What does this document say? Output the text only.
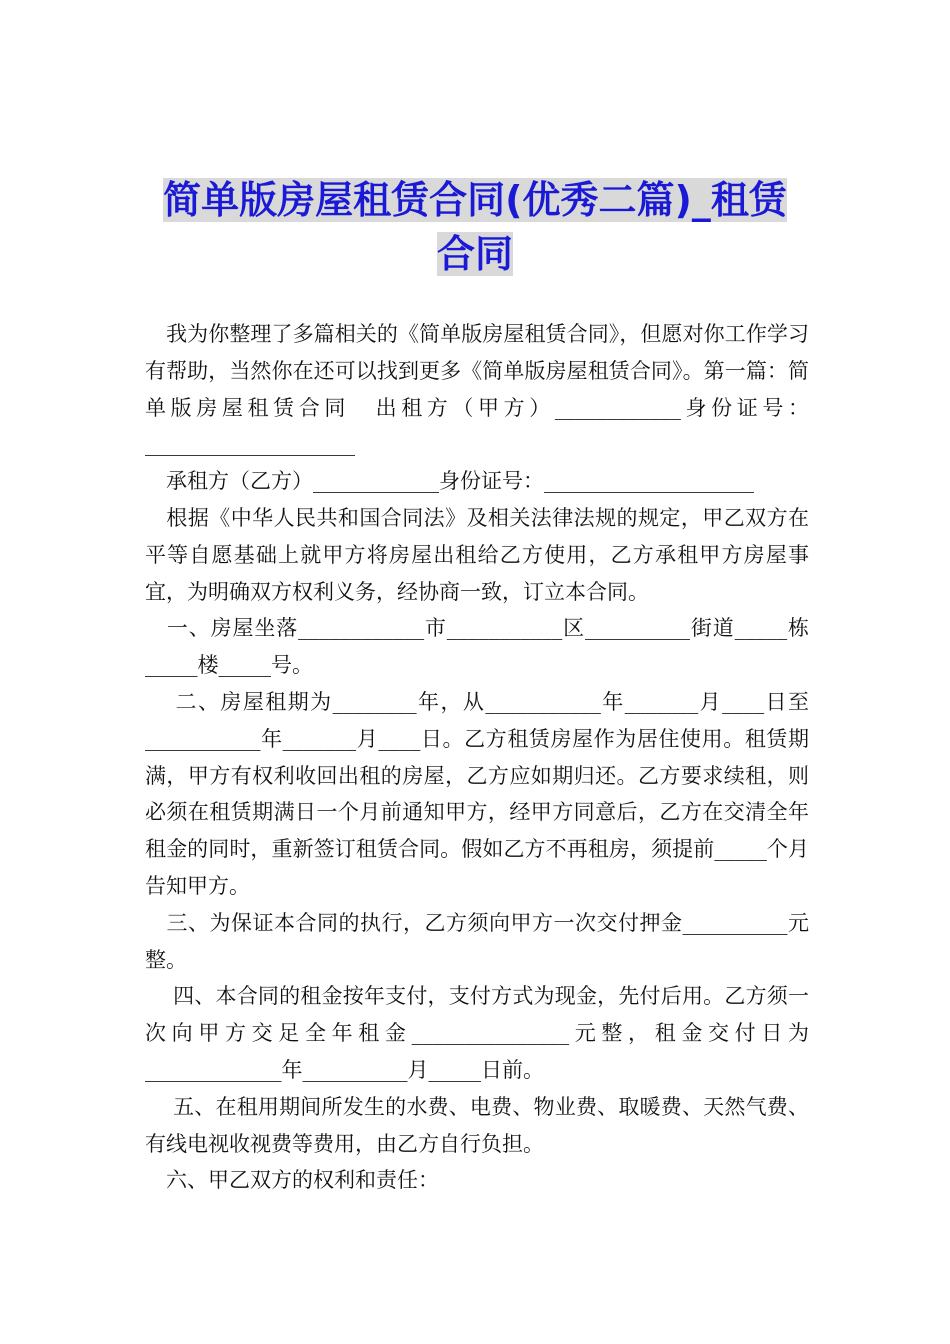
简单版房屋租赁合同(优秀二篇)_租赁
合同

　我为你整理了多篇相关的《简单版房屋租赁合同》，但愿对你工作学习有帮助，当然你在还可以找到更多《简单版房屋租赁合同》。第一篇：简单版房屋租赁合同　出租方（甲方）____________身份证号：____________________

　承租方（乙方）____________身份证号：____________________

　根据《中华人民共和国合同法》及相关法律法规的规定，甲乙双方在平等自愿基础上就甲方将房屋出租给乙方使用，乙方承租甲方房屋事宜，为明确双方权利义务，经协商一致，订立本合同。

　一、房屋坐落____________市___________区__________街道_____栋_____楼_____号。

　 二、房屋租期为________年，从___________年_______月____日至___________年_______月____日。乙方租赁房屋作为居住使用。租赁期满，甲方有权利收回出租的房屋，乙方应如期归还。乙方要求续租，则必须在租赁期满日一个月前通知甲方，经甲方同意后，乙方在交清全年租金的同时，重新签订租赁合同。假如乙方不再租房，须提前_____个月告知甲方。

　三、为保证本合同的执行，乙方须向甲方一次交付押金__________元整。

　 四、本合同的租金按年支付，支付方式为现金，先付后用。乙方须一次向甲方交足全年租金_______________元整，租金交付日为_____________年__________月_____日前。

　 五、在租用期间所发生的水费、电费、物业费、取暖费、天然气费、有线电视收视费等费用，由乙方自行负担。

　六、甲乙双方的权利和责任：
